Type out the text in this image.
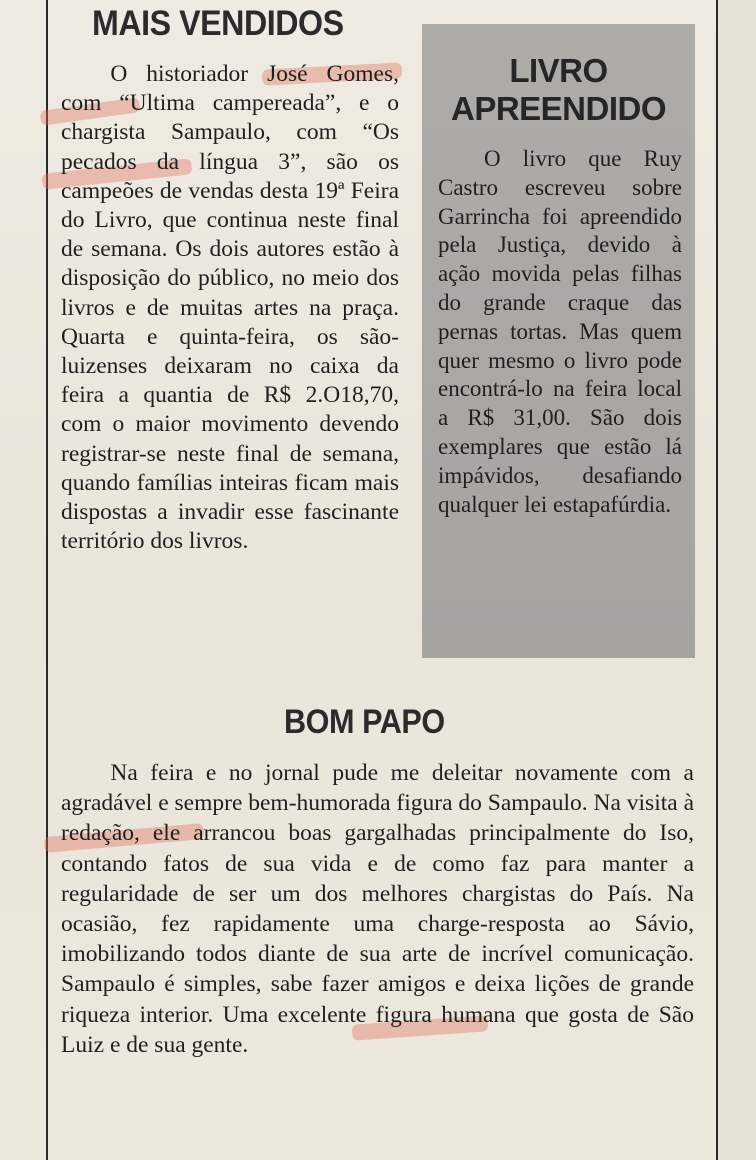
MAIS VENDIDOS

O historiador José Gomes, com “Ultima campereada”, e o chargista Sampaulo, com “Os pecados da língua 3”, são os campeões de vendas desta 19ª Feira do Livro, que continua neste final de semana. Os dois autores estão à disposição do público, no meio dos livros e de muitas artes na praça. Quarta e quinta-feira, os sãoluizenses deixaram no caixa da feira a quantia de R$ 2.O18,70, com o maior movimento devendo registrar-se neste final de semana, quando famílias inteiras ficam mais dispostas a invadir esse fascinante território dos livros.

LIVRO
APREENDIDO

O livro que Ruy Castro escreveu sobre Garrincha foi apreendido pela Justiça, devido à ação movida pelas filhas do grande craque das pernas tortas. Mas quem quer mesmo o livro pode encontrá-lo na feira local a R$ 31,00. São dois exemplares que estão lá impávidos, desafiando qualquer lei estapafúrdia.

BOM PAPO

Na feira e no jornal pude me deleitar novamente com a agradável e sempre bem-humorada figura do Sampaulo. Na visita à redação, ele arrancou boas gargalhadas principalmente do Iso, contando fatos de sua vida e de como faz para manter a regularidade de ser um dos melhores chargistas do País. Na ocasião, fez rapidamente uma charge-resposta ao Sávio, imobilizando todos diante de sua arte de incrível comunicação. Sampaulo é simples, sabe fazer amigos e deixa lições de grande riqueza interior. Uma excelente figura humana que gosta de São Luiz e de sua gente.
